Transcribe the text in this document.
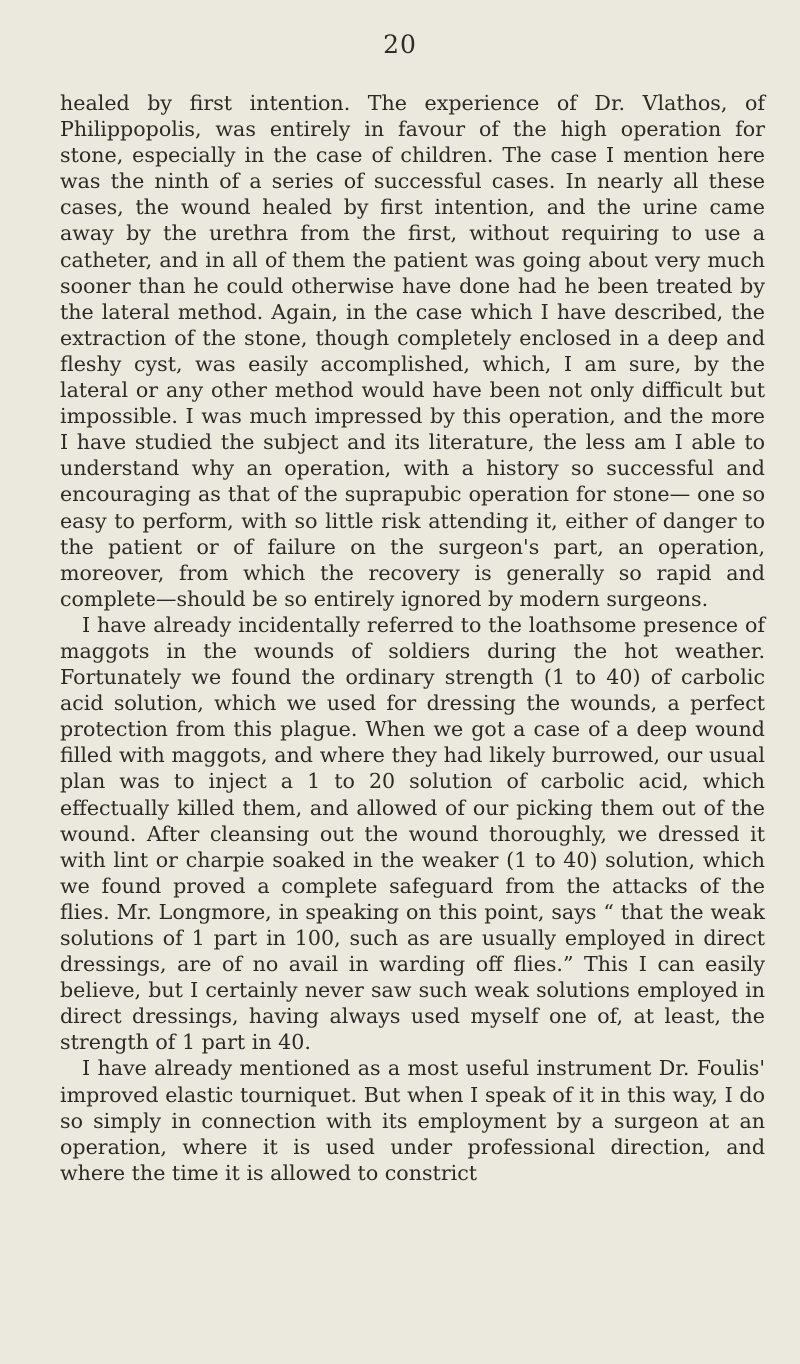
20

healed by first intention. The experience of Dr. Vlathos, of Philippopolis, was entirely in favour of the high operation for stone, especially in the case of children. The case I mention here was the ninth of a series of successful cases. In nearly all these cases, the wound healed by first intention, and the urine came away by the urethra from the first, without requiring to use a catheter, and in all of them the patient was going about very much sooner than he could otherwise have done had he been treated by the lateral method. Again, in the case which I have described, the extraction of the stone, though completely enclosed in a deep and fleshy cyst, was easily accomplished, which, I am sure, by the lateral or any other method would have been not only difficult but impossible. I was much impressed by this operation, and the more I have studied the subject and its literature, the less am I able to understand why an operation, with a history so successful and encouraging as that of the suprapubic operation for stone— one so easy to perform, with so little risk attending it, either of danger to the patient or of failure on the surgeon's part, an operation, moreover, from which the recovery is generally so rapid and complete—should be so entirely ignored by modern surgeons.

I have already incidentally referred to the loathsome presence of maggots in the wounds of soldiers during the hot weather. Fortunately we found the ordinary strength (1 to 40) of carbolic acid solution, which we used for dressing the wounds, a perfect protection from this plague. When we got a case of a deep wound filled with maggots, and where they had likely burrowed, our usual plan was to inject a 1 to 20 solution of carbolic acid, which effectually killed them, and allowed of our picking them out of the wound. After cleansing out the wound thoroughly, we dressed it with lint or charpie soaked in the weaker (1 to 40) solution, which we found proved a complete safeguard from the attacks of the flies. Mr. Longmore, in speaking on this point, says “ that the weak solutions of 1 part in 100, such as are usually employed in direct dressings, are of no avail in warding off flies.” This I can easily believe, but I certainly never saw such weak solutions employed in direct dressings, having always used myself one of, at least, the strength of 1 part in 40.

I have already mentioned as a most useful instrument Dr. Foulis' improved elastic tourniquet. But when I speak of it in this way, I do so simply in connection with its employment by a surgeon at an operation, where it is used under professional direction, and where the time it is allowed to constrict
